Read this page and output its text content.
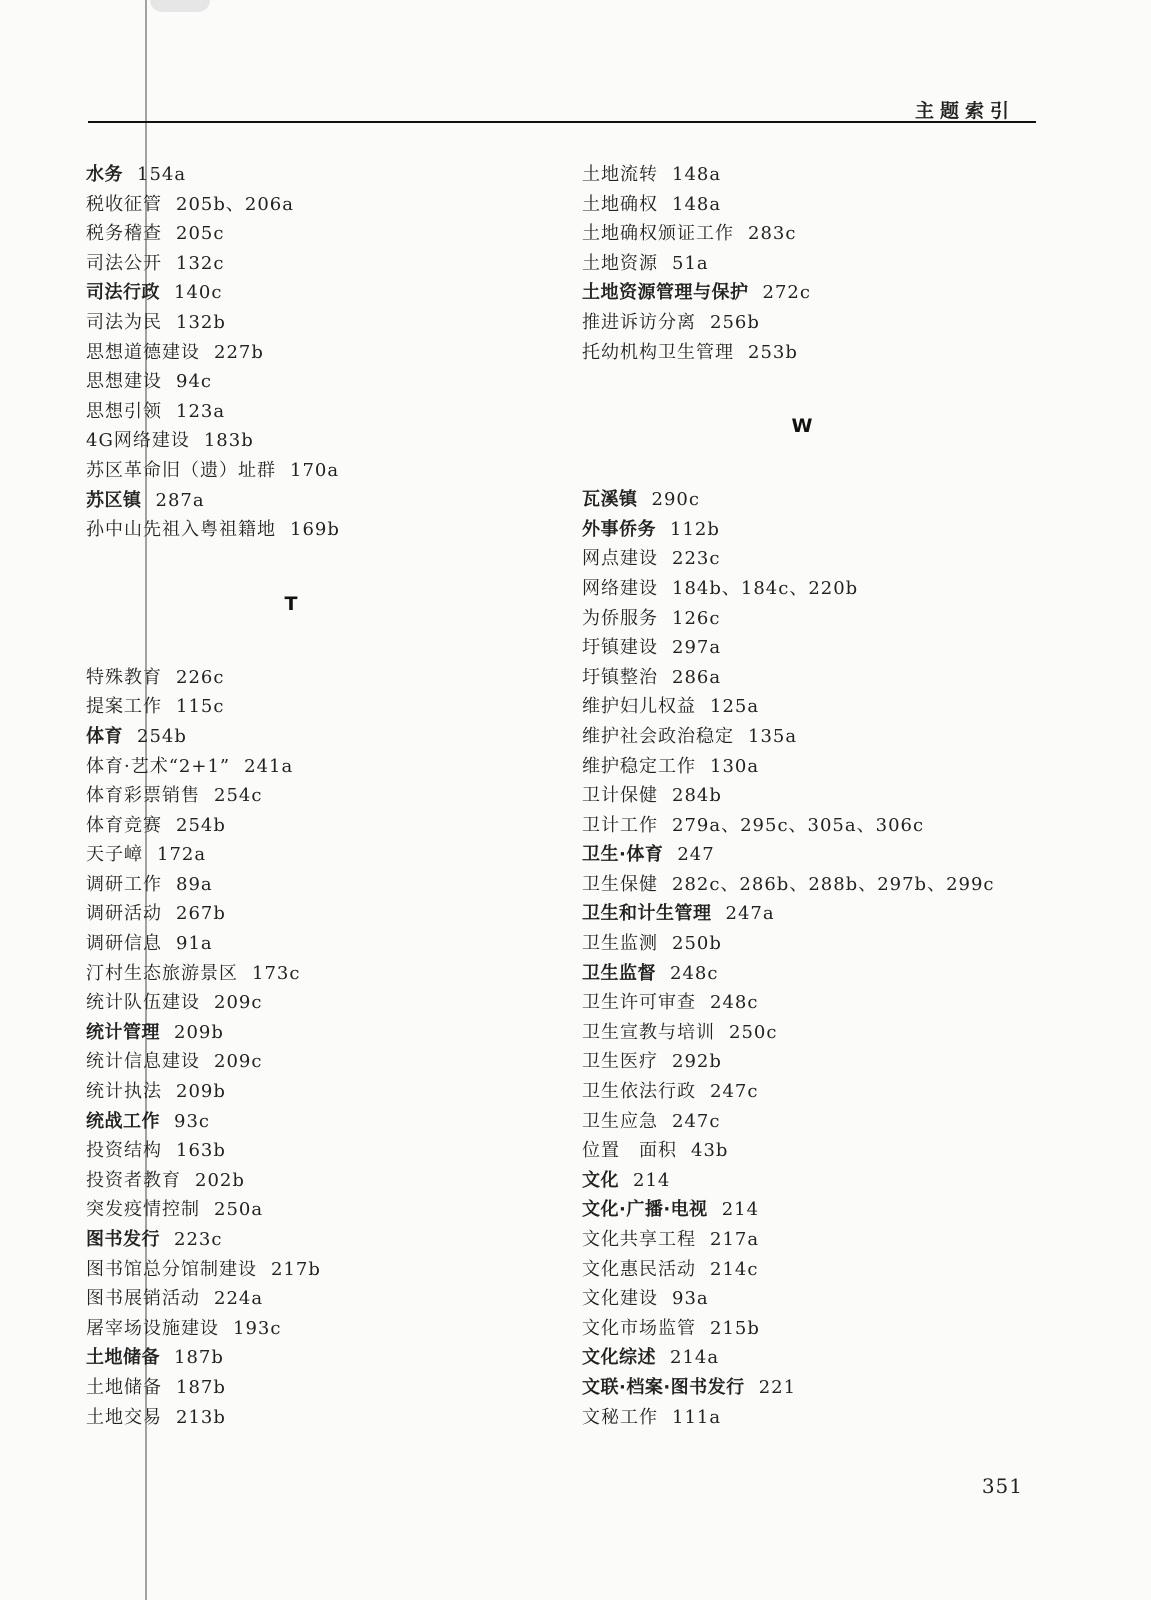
主题索引
水务 154a
税收征管 205b、206a
税务稽查 205c
司法公开 132c
司法行政 140c
司法为民 132b
思想道德建设 227b
思想建设 94c
思想引领 123a
4G网络建设 183b
苏区革命旧（遗）址群 170a
苏区镇 287a
孙中山先祖入粤祖籍地 169b
T
特殊教育 226c
提案工作 115c
体育 254b
体育·艺术“2+1” 241a
体育彩票销售 254c
体育竞赛 254b
天子嶂 172a
调研工作 89a
调研活动 267b
调研信息 91a
汀村生态旅游景区 173c
统计队伍建设 209c
统计管理 209b
统计信息建设 209c
统计执法 209b
统战工作 93c
投资结构 163b
投资者教育 202b
突发疫情控制 250a
图书发行 223c
图书馆总分馆制建设 217b
图书展销活动 224a
屠宰场设施建设 193c
土地储备 187b
土地储备 187b
土地交易 213b
土地流转 148a
土地确权 148a
土地确权颁证工作 283c
土地资源 51a
土地资源管理与保护 272c
推进诉访分离 256b
托幼机构卫生管理 253b
W
瓦溪镇 290c
外事侨务 112b
网点建设 223c
网络建设 184b、184c、220b
为侨服务 126c
圩镇建设 297a
圩镇整治 286a
维护妇儿权益 125a
维护社会政治稳定 135a
维护稳定工作 130a
卫计保健 284b
卫计工作 279a、295c、305a、306c
卫生·体育 247
卫生保健 282c、286b、288b、297b、299c
卫生和计生管理 247a
卫生监测 250b
卫生监督 248c
卫生许可审查 248c
卫生宣教与培训 250c
卫生医疗 292b
卫生依法行政 247c
卫生应急 247c
位置　面积 43b
文化 214
文化·广播·电视 214
文化共享工程 217a
文化惠民活动 214c
文化建设 93a
文化市场监管 215b
文化综述 214a
文联·档案·图书发行 221
文秘工作 111a
351
